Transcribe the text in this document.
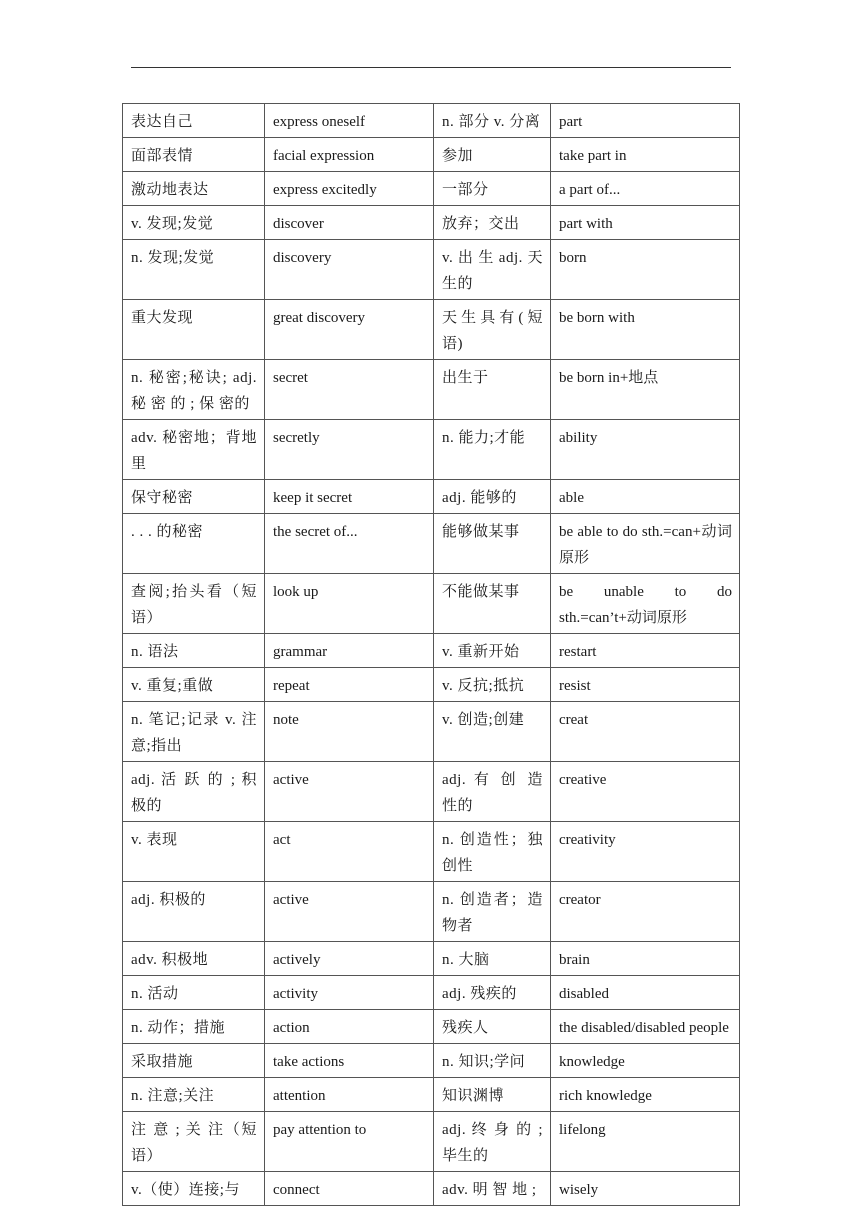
表达自己	express oneself	n. 部分 v. 分离	part
面部表情	facial expression	参加	take part in
激动地表达	express excitedly	一部分	a part of...
v. 发现;发觉	discover	放弃；交出	part with
n. 发现;发觉	discovery	v. 出 生 adj. 天生的	born
重大发现	great discovery	天生具有(短语)	be born with
n. 秘密;秘诀; adj. 秘 密 的 ; 保 密的	secret	出生于	be born in+地点
adv. 秘密地；背地里	secretly	n. 能力;才能	ability
保守秘密	keep it secret	adj. 能够的	able
. . . 的秘密	the secret of...	能够做某事	be able to do sth.=can+动词原形
查阅;抬头看（短语）	look up	不能做某事	be unable to do sth.=can’t+动词原形
n. 语法	grammar	v. 重新开始	restart
v. 重复;重做	repeat	v. 反抗;抵抗	resist
n. 笔记;记录 v. 注意;指出	note	v. 创造;创建	creat
adj. 活 跃 的 ; 积 极的	active	adj. 有 创 造 性的	creative
v. 表现	act	n. 创造性；独创性	creativity
adj. 积极的	active	n. 创造者；造物者	creator
adv. 积极地	actively	n. 大脑	brain
n. 活动	activity	adj. 残疾的	disabled
n. 动作；措施	action	残疾人	the disabled/disabled people
采取措施	take actions	n. 知识;学问	knowledge
n. 注意;关注	attention	知识渊博	rich knowledge
注 意 ; 关 注（短语）	pay attention to	adj. 终 身 的 ; 毕生的	lifelong
v.（使）连接;与	connect	adv. 明 智 地 ;	wisely
